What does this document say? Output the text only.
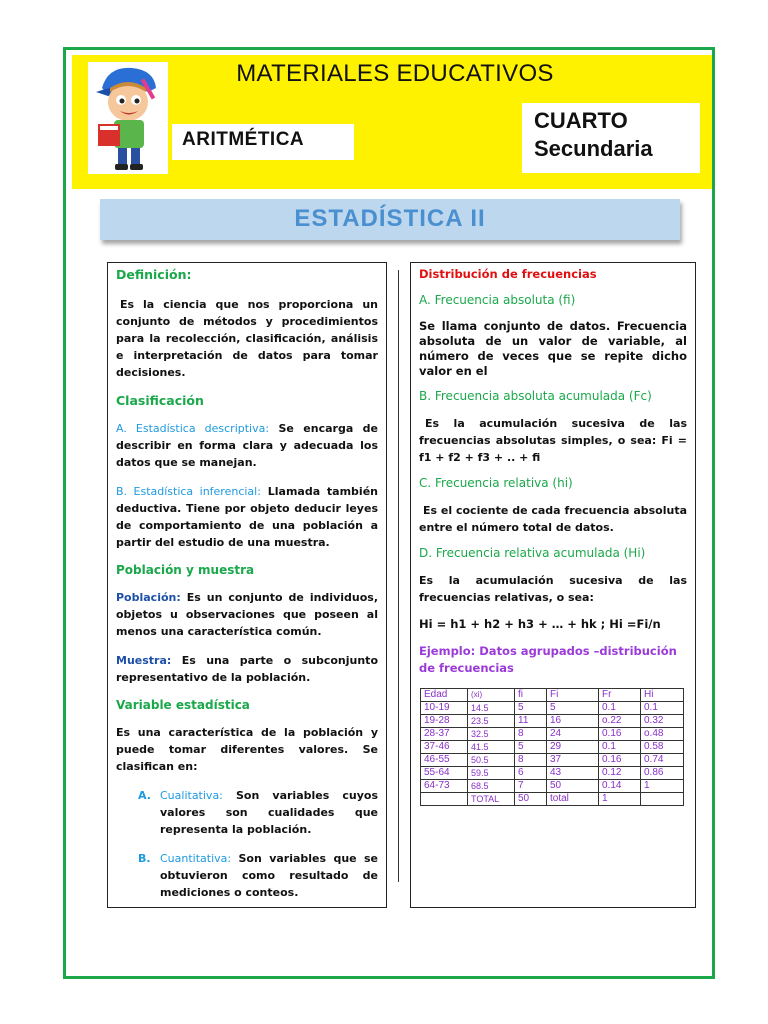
MATERIALES EDUCATIVOS
ARITMÉTICA
CUARTO
Secundaria
ESTADÍSTICA II
Definición:
Es la ciencia que nos proporciona un conjunto de métodos y procedimientos para la recolección, clasificación, análisis e interpretación de datos para tomar decisiones.
Clasificación
A. Estadística descriptiva: Se encarga de describir en forma clara y adecuada los datos que se manejan.
B. Estadística inferencial: Llamada también deductiva. Tiene por objeto deducir leyes de comportamiento de una población a partir del estudio de una muestra.
Población y muestra
Población: Es un conjunto de individuos, objetos u observaciones que poseen al menos una característica común.
Muestra: Es una parte o subconjunto representativo de la población.
Variable estadística
Es una característica de la población y puede tomar diferentes valores. Se clasifican en:
A. Cualitativa: Son variables cuyos valores son cualidades que representa la población.
B. Cuantitativa: Son variables que se obtuvieron como resultado de mediciones o conteos.
Distribución de frecuencias
A. Frecuencia absoluta (fi)
Se llama conjunto de datos. Frecuencia absoluta de un valor de variable, al número de veces que se repite dicho valor en el
B. Frecuencia absoluta acumulada (Fc)
Es la acumulación sucesiva de las frecuencias absolutas simples, o sea: Fi = f1 + f2 + f3 + .. + fi
C. Frecuencia relativa (hi)
Es el cociente de cada frecuencia absoluta entre el número total de datos.
D. Frecuencia relativa acumulada (Hi)
Es la acumulación sucesiva de las frecuencias relativas, o sea:
Hi = h1 + h2 + h3 + … + hk ; Hi =Fi/n
Ejemplo: Datos agrupados –distribución de frecuencias
Edad	(xi)	fi	Fi	Fr	Hi
10-19	14.5	5	5	0.1	0.1
19-28	23.5	11	16	o.22	0.32
28-37	32.5	8	24	0.16	o.48
37-46	41.5	5	29	0.1	0.58
46-55	50.5	8	37	0.16	0.74
55-64	59.5	6	43	0.12	0.86
64-73	68.5	7	50	0.14	1
	TOTAL	50	total	1	
